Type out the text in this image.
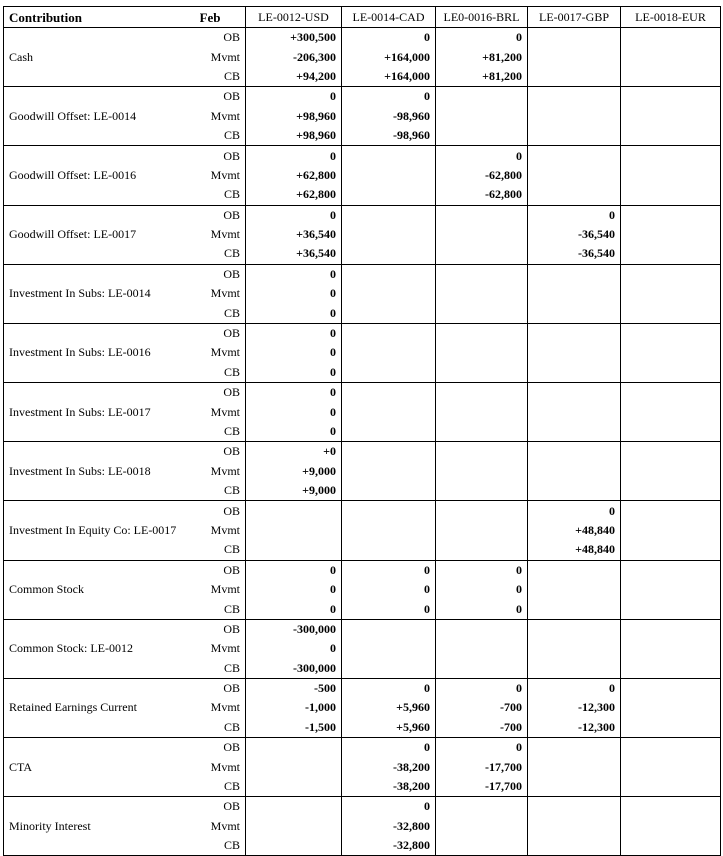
Contribution	Feb	LE-0012-USD	LE-0014-CAD	LE0-0016-BRL	LE-0017-GBP	LE-0018-EUR
Cash	OB	+300,500	0	0		
	Mvmt	-206,300	+164,000	+81,200		
	CB	+94,200	+164,000	+81,200		
Goodwill Offset: LE-0014	OB	0	0			
	Mvmt	+98,960	-98,960			
	CB	+98,960	-98,960			
Goodwill Offset: LE-0016	OB	0		0		
	Mvmt	+62,800		-62,800		
	CB	+62,800		-62,800		
Goodwill Offset: LE-0017	OB	0			0	
	Mvmt	+36,540			-36,540	
	CB	+36,540			-36,540	
Investment In Subs: LE-0014	OB	0				
	Mvmt	0				
	CB	0				
Investment In Subs: LE-0016	OB	0				
	Mvmt	0				
	CB	0				
Investment In Subs: LE-0017	OB	0				
	Mvmt	0				
	CB	0				
Investment In Subs: LE-0018	OB	+0				
	Mvmt	+9,000				
	CB	+9,000				
Investment In Equity Co: LE-0017	OB				0	
	Mvmt				+48,840	
	CB				+48,840	
Common Stock	OB	0	0	0		
	Mvmt	0	0	0		
	CB	0	0	0		
Common Stock: LE-0012	OB	-300,000				
	Mvmt	0				
	CB	-300,000				
Retained Earnings Current	OB	-500	0	0	0	
	Mvmt	-1,000	+5,960	-700	-12,300	
	CB	-1,500	+5,960	-700	-12,300	
CTA	OB		0	0		
	Mvmt		-38,200	-17,700		
	CB		-38,200	-17,700		
Minority Interest	OB		0			
	Mvmt		-32,800			
	CB		-32,800			
